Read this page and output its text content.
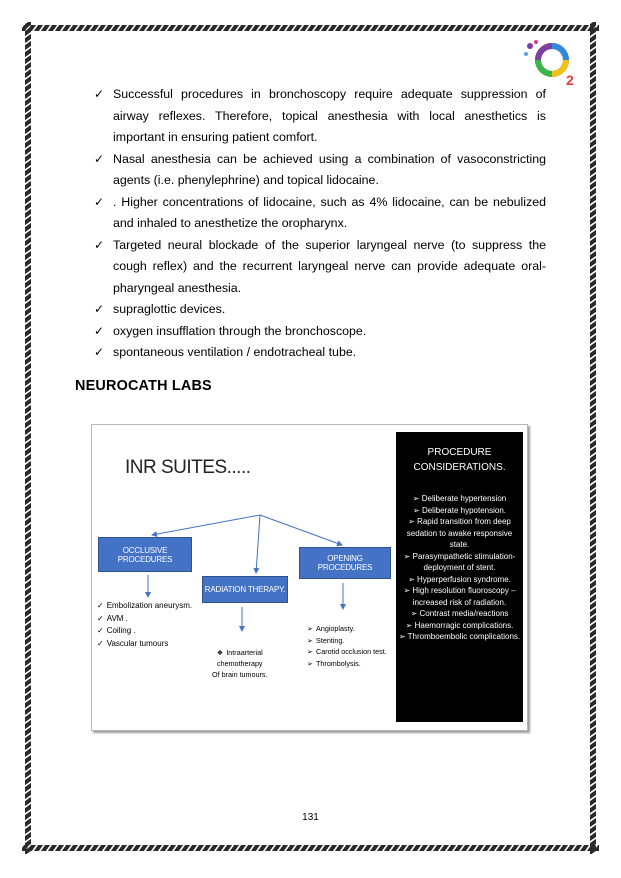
2
✓ Successful procedures in bronchoscopy require adequate suppression of airway reflexes. Therefore, topical anesthesia with local anesthetics is important in ensuring patient comfort.
✓ Nasal anesthesia can be achieved using a combination of vasoconstricting agents (i.e. phenylephrine) and topical lidocaine.
✓ . Higher concentrations of lidocaine, such as 4% lidocaine, can be nebulized and inhaled to anesthetize the oropharynx.
✓ Targeted neural blockade of the superior laryngeal nerve (to suppress the cough reflex) and the recurrent laryngeal nerve can provide adequate oral-pharyngeal anesthesia.
✓ supraglottic devices.
✓ oxygen insufflation through the bronchoscope.
✓ spontaneous ventilation / endotracheal tube.
NEUROCATH LABS
INR SUITES.....
OCCLUSIVE PROCEDURES
RADIATION THERAPY.
OPENING PROCEDURES
✓ Embolization aneurysm.
✓ AVM .
✓ Coiling .
✓ Vascular tumours
➢ Angioplasty.
➢ Stenting.
➢ Carotid occlusion test.
➢ Thrombolysis.
❖ Intraarterial
chemotherapy
Of brain tumours.
PROCEDURE
CONSIDERATIONS.
➢ Deliberate hypertension
➢ Deliberate hypotension.
➢ Rapid transition from deep sedation to awake responsive state.
➢ Parasympathetic stimulation- deployment of stent.
➢ Hyperperfusion syndrome.
➢ High resolution fluoroscopy –increased risk of radiation.
➢ Contrast media/reactions
➢ Haemorragic complications.
➢ Thromboembolic complications.
131
